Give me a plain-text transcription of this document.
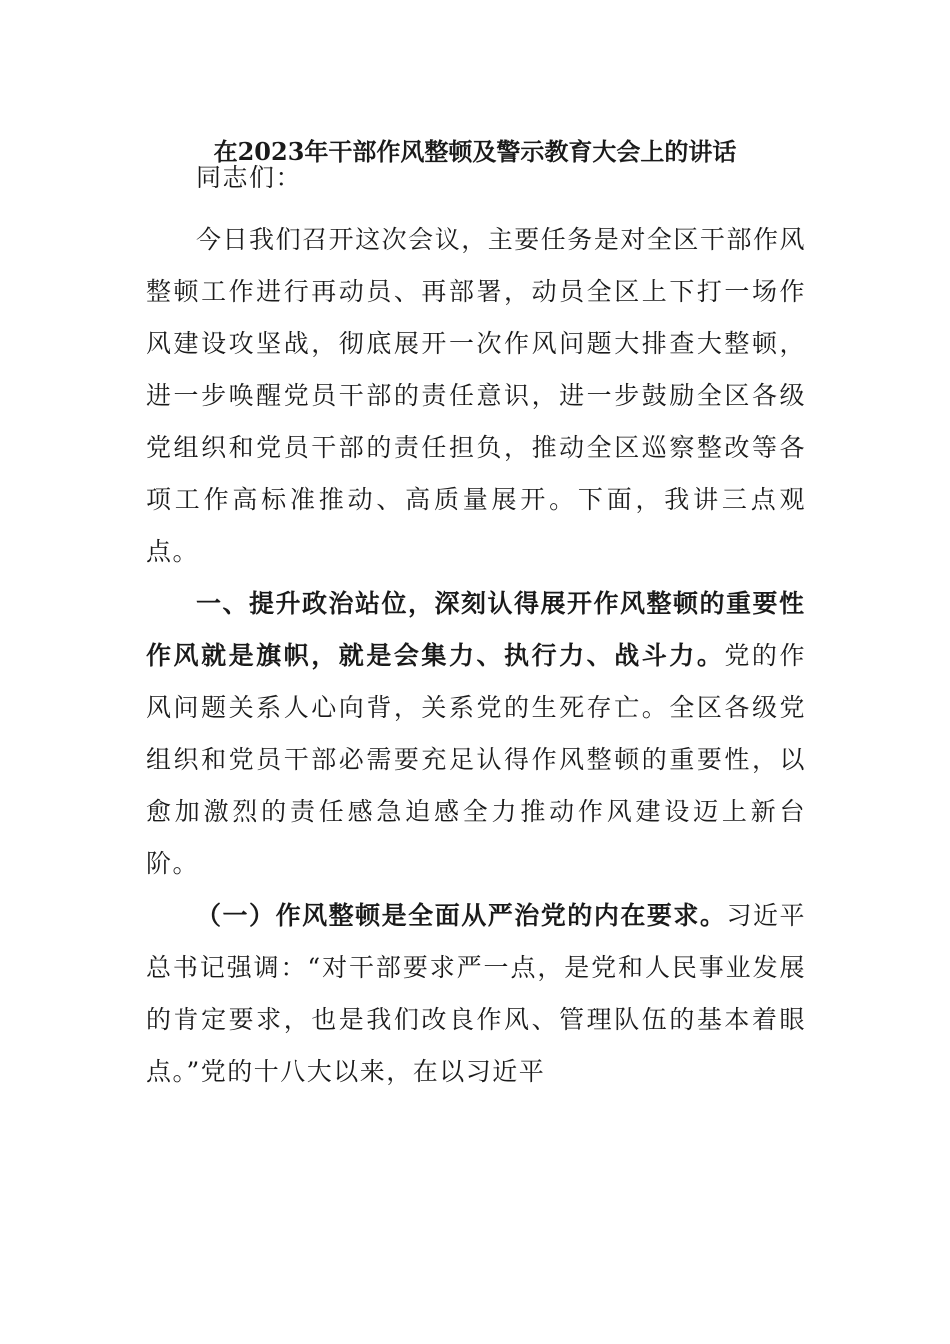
在2023年干部作风整顿及警示教育大会上的讲话

同志们：

今日我们召开这次会议，主要任务是对全区干部作风整顿工作进行再动员、再部署，动员全区上下打一场作风建设攻坚战，彻底展开一次作风问题大排查大整顿，进一步唤醒党员干部的责任意识，进一步鼓励全区各级党组织和党员干部的责任担负，推动全区巡察整改等各项工作高标准推动、高质量展开。下面，我讲三点观点。

一、提升政治站位，深刻认得展开作风整顿的重要性

作风就是旗帜，就是会集力、执行力、战斗力。党的作风问题关系人心向背，关系党的生死存亡。全区各级党组织和党员干部必需要充足认得作风整顿的重要性，以愈加激烈的责任感急迫感全力推动作风建设迈上新台阶。

（一）作风整顿是全面从严治党的内在要求。习近平总书记强调：“对干部要求严一点，是党和人民事业发展的肯定要求，也是我们改良作风、管理队伍的基本着眼点。”党的十八大以来，在以习近平
